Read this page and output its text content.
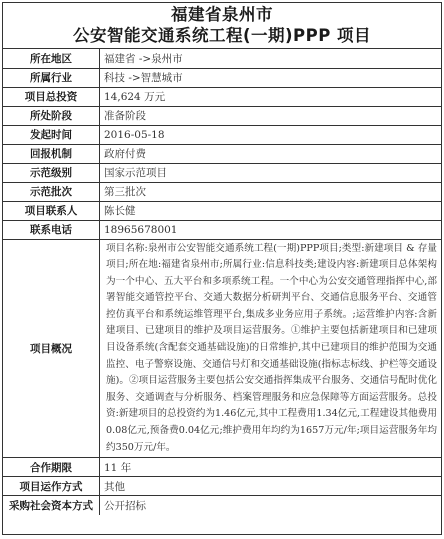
福建省泉州市
公安智能交通系统工程(一期)PPP 项目
所在地区	福建省 ->泉州市
所属行业	科技 ->智慧城市
项目总投资	14,624 万元
所处阶段	准备阶段
发起时间	2016-05-18
回报机制	政府付费
示范级别	国家示范项目
示范批次	第三批次
项目联系人	陈长健
联系电话	18965678001
项目概况	项目名称:泉州市公安智能交通系统工程(一期)PPP项目;类型:新建项目 & 存量项目;所在地:福建省泉州市;所属行业:信息科技类;建设内容:新建项目总体架构为一个中心、五大平台和多项系统工程。一个中心为公安交通管理指挥中心,部署智能交通管控平台、交通大数据分析研判平台、交通信息服务平台、交通管控仿真平台和系统运维管理平台,集成多业务应用子系统。;运营维护内容:含新建项目、已建项目的维护及项目运营服务。①维护主要包括新建项目和已建项目设备系统(含配套交通基础设施)的日常维护,其中已建项目的维护范围为交通监控、电子警察设施、交通信号灯和交通基础设施(指标志标线、护栏等交通设施)。②项目运营服务主要包括公安交通指挥集成平台服务、交通信号配时优化服务、交通调查与分析服务、档案管理服务和应急保障等方面运营服务。总投资:新建项目的总投资约为1.46亿元,其中工程费用1.34亿元,工程建设其他费用0.08亿元,预备费0.04亿元;维护费用年均约为1657万元/年;项目运营服务年均约350万元/年。
合作期限	11 年
项目运作方式	其他
采购社会资本方式	公开招标
